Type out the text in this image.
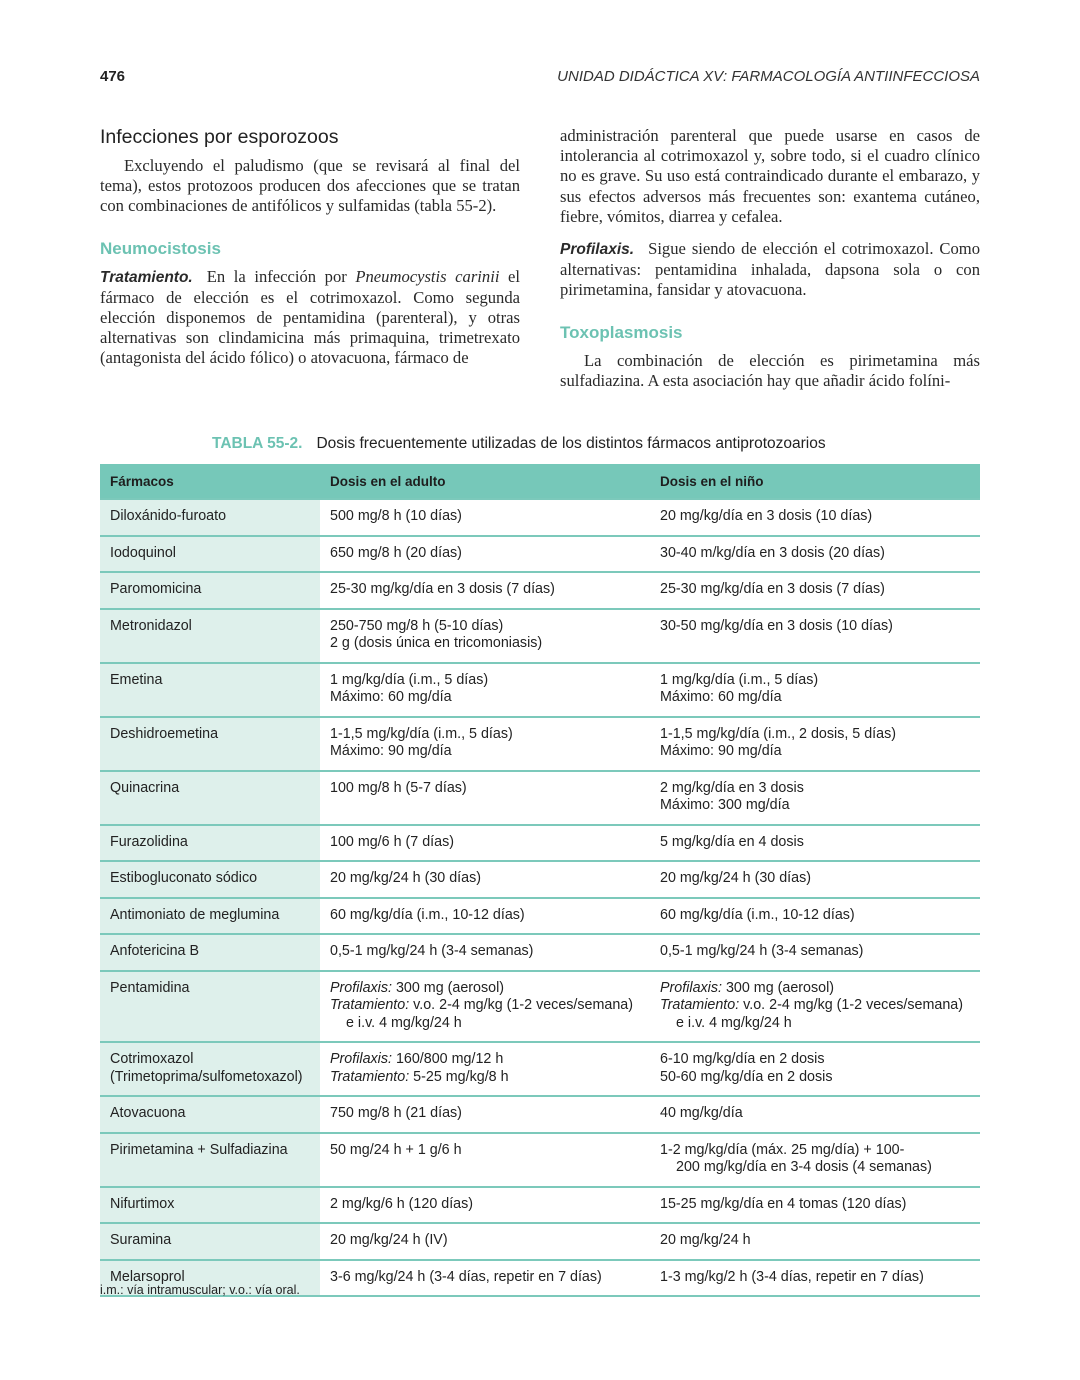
476	UNIDAD DIDÁCTICA XV: FARMACOLOGÍA ANTIINFECCIOSA
Infecciones por esporozoos

Excluyendo el paludismo (que se revisará al final del tema), estos protozoos producen dos afecciones que se tratan con combinaciones de antifólicos y sulfamidas (tabla 55-2).

Neumocistosis

Tratamiento. En la infección por Pneumocystis carinii el fármaco de elección es el cotrimoxazol. Como segunda elección disponemos de pentamidina (parenteral), y otras alternativas son clindamicina más primaquina, trimetrexato (antagonista del ácido fólico) o atovacuona, fármaco de

administración parenteral que puede usarse en casos de intolerancia al cotrimoxazol y, sobre todo, si el cuadro clínico no es grave. Su uso está contraindicado durante el embarazo, y sus efectos adversos más frecuentes son: exantema cutáneo, fiebre, vómitos, diarrea y cefalea.

Profilaxis. Sigue siendo de elección el cotrimoxazol. Como alternativas: pentamidina inhalada, dapsona sola o con pirimetamina, fansidar y atovacuona.

Toxoplasmosis

La combinación de elección es pirimetamina más sulfadiazina. A esta asociación hay que añadir ácido folíni-

TABLA 55-2. Dosis frecuentemente utilizadas de los distintos fármacos antiprotozoarios
Fármacos	Dosis en el adulto	Dosis en el niño

Diloxánido-furoato	500 mg/8 h (10 días)	20 mg/kg/día en 3 dosis (10 días)

Iodoquinol	650 mg/8 h (20 días)	30-40 m/kg/día en 3 dosis (20 días)

Paromomicina	25-30 mg/kg/día en 3 dosis (7 días)	25-30 mg/kg/día en 3 dosis (7 días)

Metronidazol	250-750 mg/8 h (5-10 días)
2 g (dosis única en tricomoniasis)	30-50 mg/kg/día en 3 dosis (10 días)

Emetina	1 mg/kg/día (i.m., 5 días)
Máximo: 60 mg/día	1 mg/kg/día (i.m., 5 días)
Máximo: 60 mg/día

Deshidroemetina	1-1,5 mg/kg/día (i.m., 5 días)
Máximo: 90 mg/día	1-1,5 mg/kg/día (i.m., 2 dosis, 5 días)
Máximo: 90 mg/día

Quinacrina	100 mg/8 h (5-7 días)	2 mg/kg/día en 3 dosis
Máximo: 300 mg/día

Furazolidina	100 mg/6 h (7 días)	5 mg/kg/día en 4 dosis

Estibogluconato sódico	20 mg/kg/24 h (30 días)	20 mg/kg/24 h (30 días)

Antimoniato de meglumina	60 mg/kg/día (i.m., 10-12 días)	60 mg/kg/día (i.m., 10-12 días)

Anfotericina B	0,5-1 mg/kg/24 h (3-4 semanas)	0,5-1 mg/kg/24 h (3-4 semanas)

Pentamidina	Profilaxis: 300 mg (aerosol)
Tratamiento: v.o. 2-4 mg/kg (1-2 veces/semana)
e i.v. 4 mg/kg/24 h	Profilaxis: 300 mg (aerosol)
Tratamiento: v.o. 2-4 mg/kg (1-2 veces/semana)
e i.v. 4 mg/kg/24 h

Cotrimoxazol
(Trimetoprima/sulfometoxazol)	Profilaxis: 160/800 mg/12 h
Tratamiento: 5-25 mg/kg/8 h	6-10 mg/kg/día en 2 dosis
50-60 mg/kg/día en 2 dosis

Atovacuona	750 mg/8 h (21 días)	40 mg/kg/día

Pirimetamina + Sulfadiazina	50 mg/24 h + 1 g/6 h	1-2 mg/kg/día (máx. 25 mg/día) + 100-
200 mg/kg/día en 3-4 dosis (4 semanas)

Nifurtimox	2 mg/kg/6 h (120 días)	15-25 mg/kg/día en 4 tomas (120 días)

Suramina	20 mg/kg/24 h (IV)	20 mg/kg/24 h

Melarsoprol	3-6 mg/kg/24 h (3-4 días, repetir en 7 días)	1-3 mg/kg/2 h (3-4 días, repetir en 7 días)
i.m.: vía intramuscular; v.o.: vía oral.
